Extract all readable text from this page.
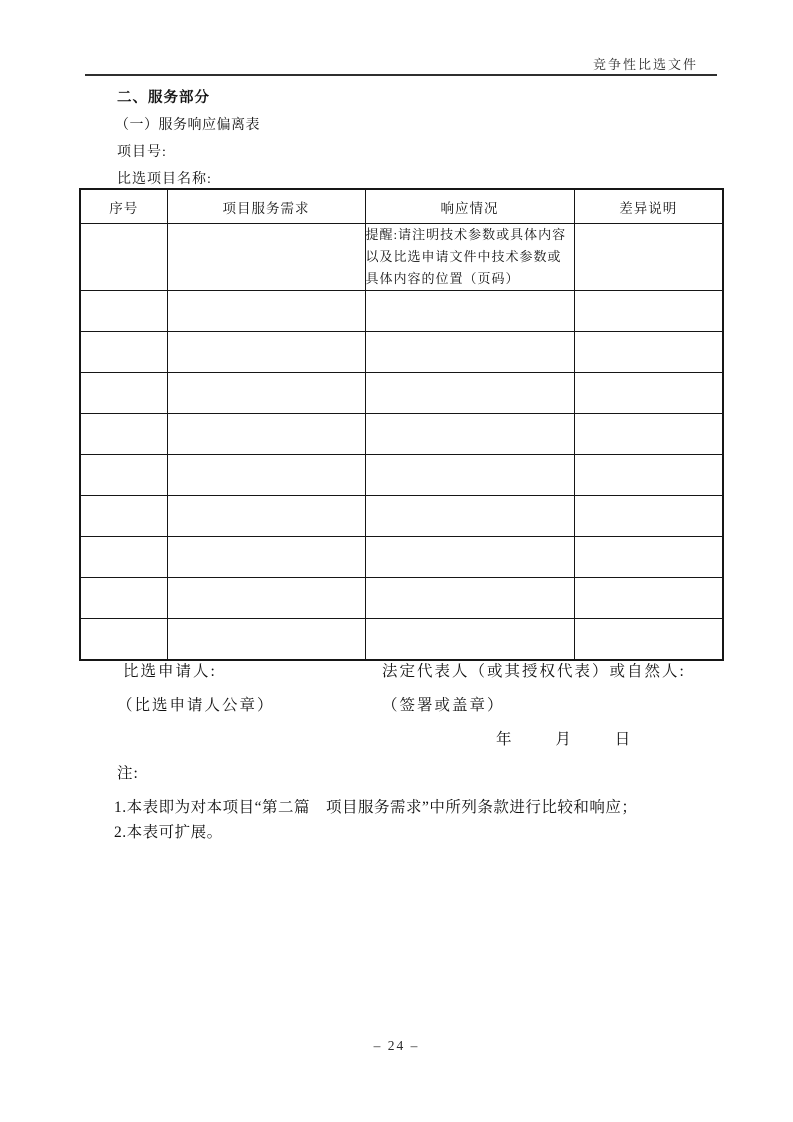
竞争性比选文件
二、服务部分
（一）服务响应偏离表
项目号:
比选项目名称:
序号	项目服务需求	响应情况	差异说明
		提醒:请注明技术参数或具体内容以及比选申请文件中技术参数或具体内容的位置（页码）	

比选申请人:	法定代表人（或其授权代表）或自然人:
（比选申请人公章）	（签署或盖章）
年	月	日
注:
1.本表即为对本项目“第二篇　项目服务需求”中所列条款进行比较和响应；
2.本表可扩展。
– 24 –
